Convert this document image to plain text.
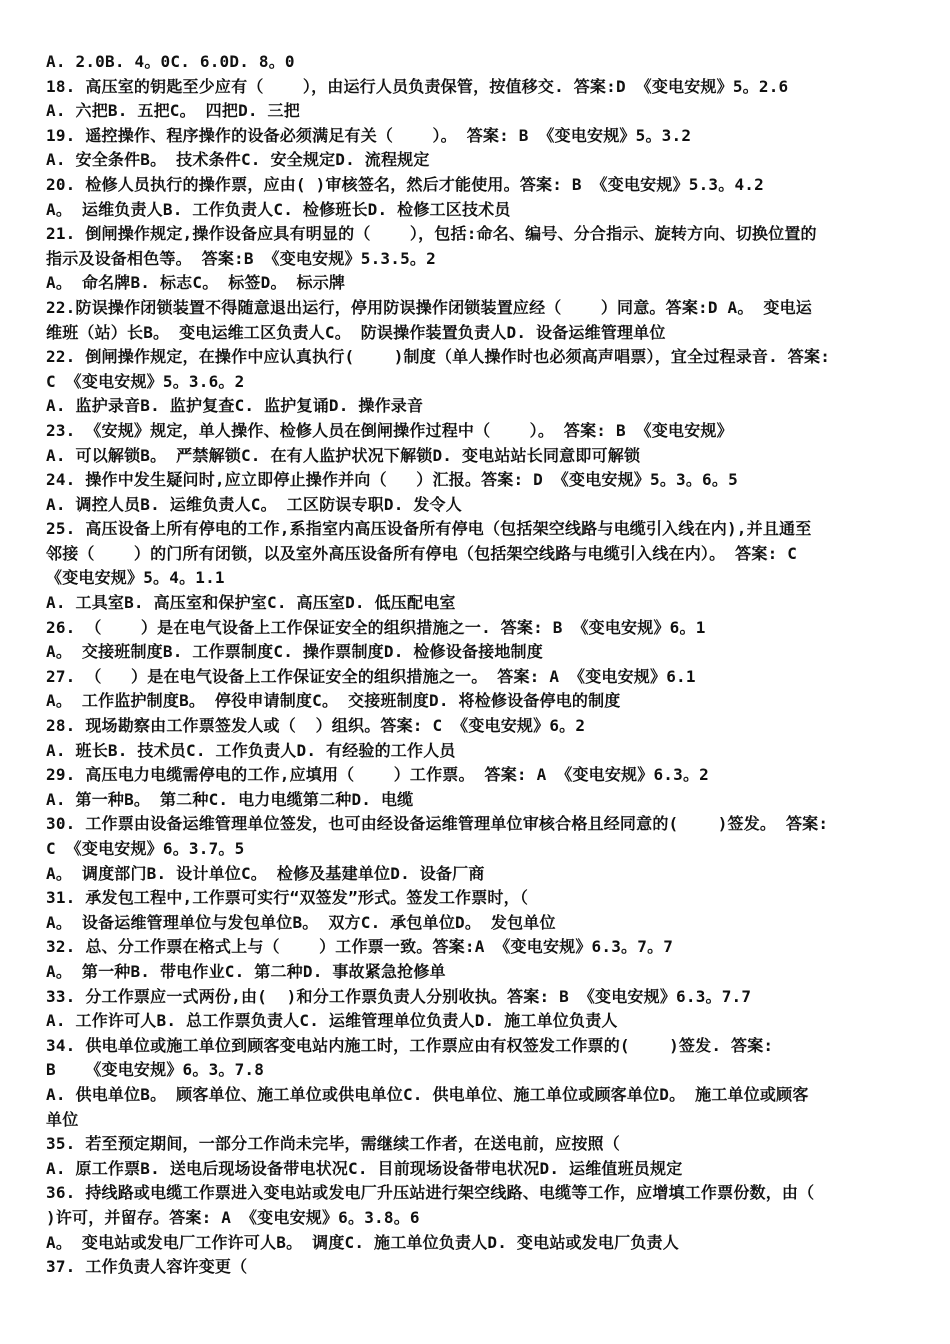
A. 2.0B. 4。0C. 6.0D. 8。0
18. 高压室的钥匙至少应有（    ），由运行人员负责保管，按值移交. 答案:D 《变电安规》5。2.6
A. 六把B. 五把C。 四把D. 三把
19. 遥控操作、程序操作的设备必须满足有关（    ）。 答案: B 《变电安规》5。3.2
A. 安全条件B。 技术条件C. 安全规定D. 流程规定
20. 检修人员执行的操作票，应由( )审核签名，然后才能使用。答案: B 《变电安规》5.3。4.2
A。 运维负责人B. 工作负责人C. 检修班长D. 检修工区技术员
21. 倒闸操作规定,操作设备应具有明显的（    ），包括:命名、编号、分合指示、旋转方向、切换位置的
指示及设备相色等。 答案:B 《变电安规》5.3.5。2
A。 命名牌B. 标志C。 标签D。 标示牌
22.防误操作闭锁装置不得随意退出运行，停用防误操作闭锁装置应经（    ）同意。答案:D A。 变电运
维班（站）长B。 变电运维工区负责人C。 防误操作装置负责人D. 设备运维管理单位
22. 倒闸操作规定，在操作中应认真执行(    )制度（单人操作时也必须高声唱票），宜全过程录音. 答案:
C 《变电安规》5。3.6。2
A. 监护录音B. 监护复查C. 监护复诵D. 操作录音
23. 《安规》规定，单人操作、检修人员在倒闸操作过程中（    ）。 答案: B 《变电安规》
A. 可以解锁B。 严禁解锁C. 在有人监护状况下解锁D. 变电站站长同意即可解锁
24. 操作中发生疑问时,应立即停止操作并向（   ）汇报。答案: D 《变电安规》5。3。6。5
A. 调控人员B. 运维负责人C。 工区防误专职D. 发令人
25. 高压设备上所有停电的工作,系指室内高压设备所有停电（包括架空线路与电缆引入线在内),并且通至
邻接（    ）的门所有闭锁，以及室外高压设备所有停电（包括架空线路与电缆引入线在内）。 答案: C
《变电安规》5。4。1.1
A. 工具室B. 高压室和保护室C. 高压室D. 低压配电室
26. （    ）是在电气设备上工作保证安全的组织措施之一. 答案: B 《变电安规》6。1
A。 交接班制度B. 工作票制度C. 操作票制度D. 检修设备接地制度
27. （   ）是在电气设备上工作保证安全的组织措施之一。 答案: A 《变电安规》6.1
A。 工作监护制度B。 停役申请制度C。 交接班制度D. 将检修设备停电的制度
28. 现场勘察由工作票签发人或（  ）组织。答案: C 《变电安规》6。2
A. 班长B. 技术员C. 工作负责人D. 有经验的工作人员
29. 高压电力电缆需停电的工作,应填用（    ）工作票。 答案: A 《变电安规》6.3。2
A. 第一种B。 第二种C. 电力电缆第二种D. 电缆
30. 工作票由设备运维管理单位签发，也可由经设备运维管理单位审核合格且经同意的(    )签发。 答案:
C 《变电安规》6。3.7。5
A。 调度部门B. 设计单位C。 检修及基建单位D. 设备厂商
31. 承发包工程中,工作票可实行“双签发”形式。签发工作票时，（
A。 设备运维管理单位与发包单位B。 双方C. 承包单位D。 发包单位
32. 总、分工作票在格式上与（    ）工作票一致。答案:A 《变电安规》6.3。7。7
A。 第一种B. 带电作业C. 第二种D. 事故紧急抢修单
33. 分工作票应一式两份,由(  )和分工作票负责人分别收执。答案: B 《变电安规》6.3。7.7
A. 工作许可人B. 总工作票负责人C. 运维管理单位负责人D. 施工单位负责人
34. 供电单位或施工单位到顾客变电站内施工时，工作票应由有权签发工作票的(    )签发. 答案:
B   《变电安规》6。3。7.8
A. 供电单位B。 顾客单位、施工单位或供电单位C. 供电单位、施工单位或顾客单位D。 施工单位或顾客
单位
35. 若至预定期间，一部分工作尚未完毕，需继续工作者，在送电前，应按照（
A. 原工作票B. 送电后现场设备带电状况C. 目前现场设备带电状况D. 运维值班员规定
36. 持线路或电缆工作票进入变电站或发电厂升压站进行架空线路、电缆等工作，应增填工作票份数，由（
)许可，并留存。答案: A 《变电安规》6。3.8。6
A。 变电站或发电厂工作许可人B。 调度C. 施工单位负责人D. 变电站或发电厂负责人
37. 工作负责人容许变更（
